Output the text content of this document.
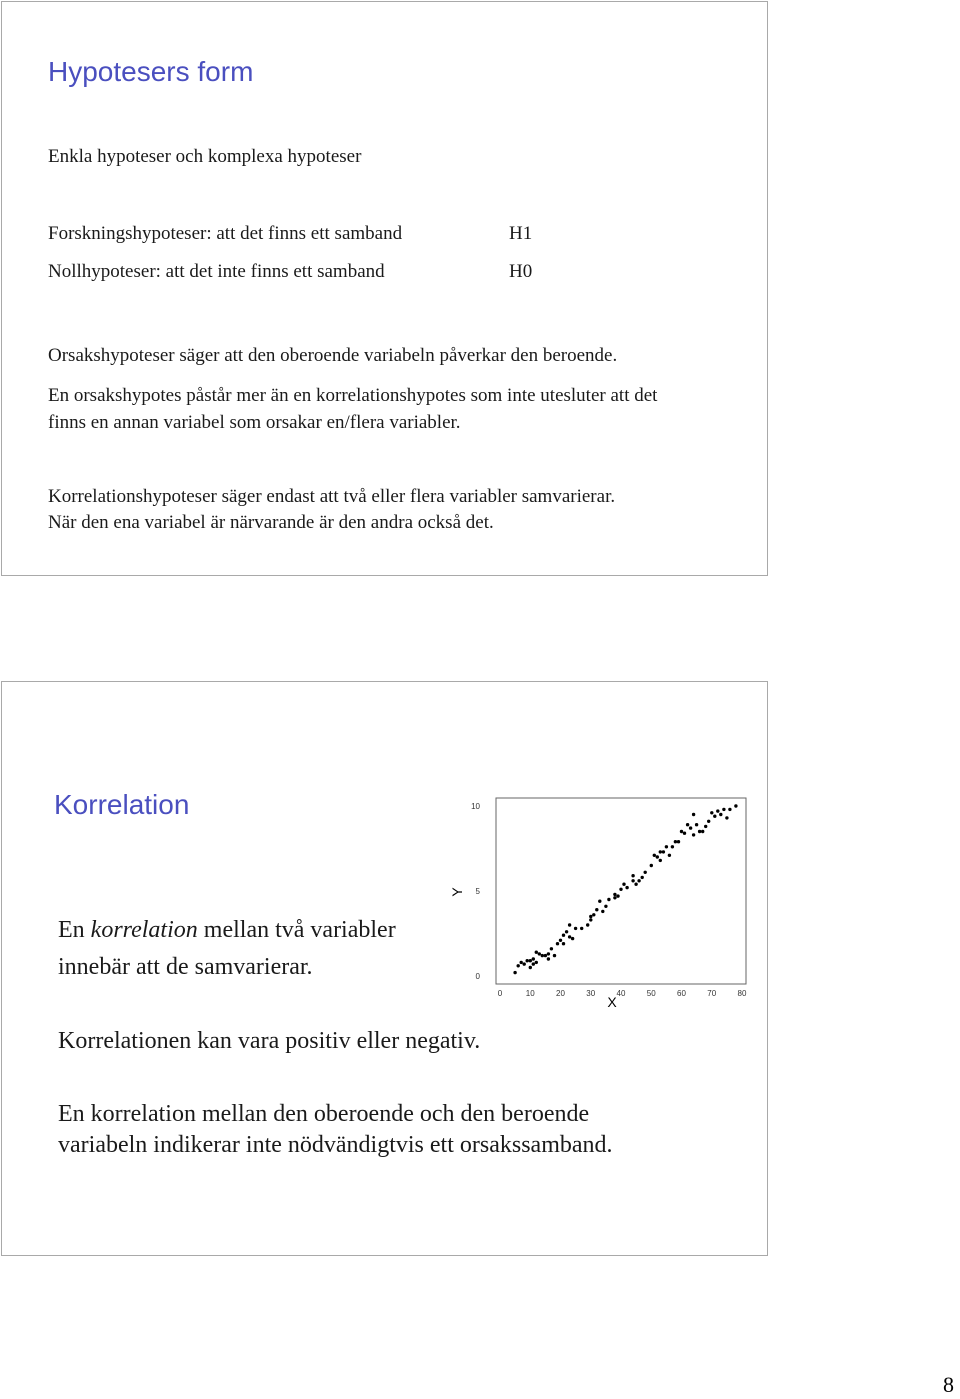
Hypotesers form

Enkla hypoteser och komplexa hypoteser

Forskningshypoteser: att det finns ett samband	H1

Nollhypoteser: att det inte finns ett samband	H0

Orsakshypoteser säger att den oberoende variabeln påverkar den beroende.

En orsakshypotes påstår mer än en korrelationshypotes som inte utesluter att det

finns en annan variabel som orsakar en/flera variabler.

Korrelationshypoteser säger endast att två eller flera variabler samvarierar.

När den ena variabel är närvarande är den andra också det.

Korrelation

En korrelation mellan två variabler

innebär att de samvarierar.

Korrelationen kan vara positiv eller negativ.

En korrelation mellan den oberoende och den beroende

variabeln indikerar inte nödvändigtvis ett orsakssamband.

0	10	20	30	40	50	60	70	80
0
5
10
X
Y
8
